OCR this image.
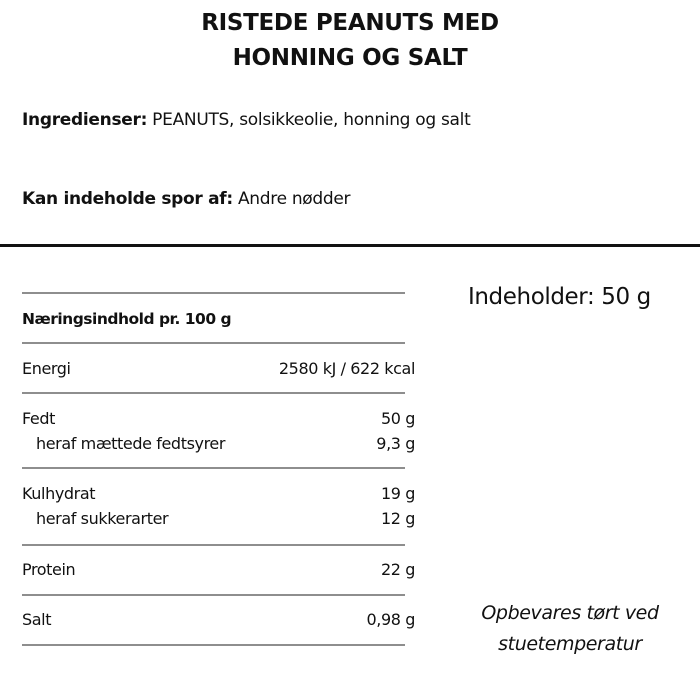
RISTEDE PEANUTS MED
HONNING OG SALT
Ingredienser: PEANUTS, solsikkeolie, honning og salt
Kan indeholde spor af: Andre nødder
Næringsindhold pr. 100 g
Energi	2580 kJ / 622 kcal
Fedt	50 g
heraf mættede fedtsyrer	9,3 g
Kulhydrat	19 g
heraf sukkerarter	12 g
Protein	22 g
Salt	0,98 g
Indeholder: 50 g
Opbevares tørt ved
stuetemperatur
